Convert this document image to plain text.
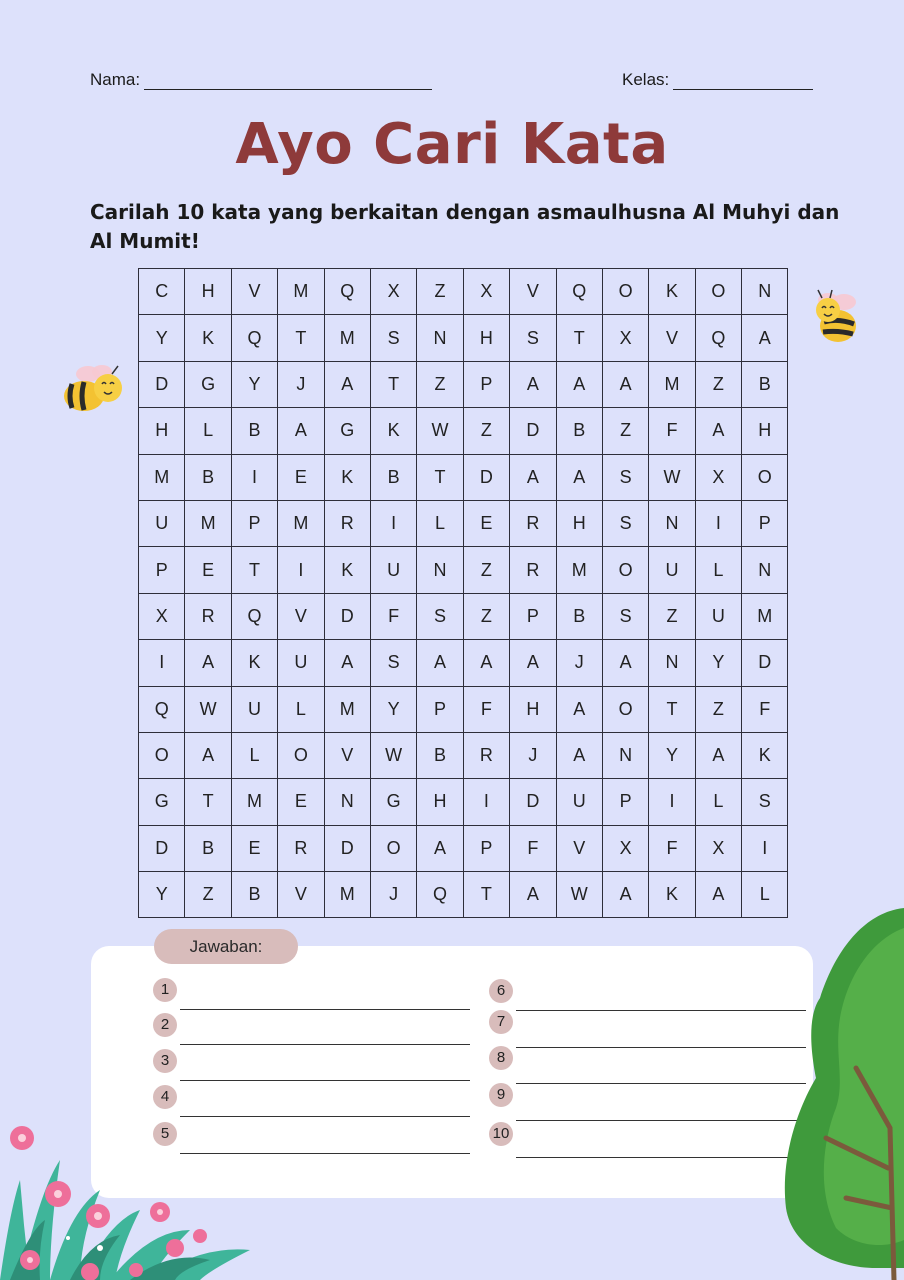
Nama:	Kelas:
Ayo Cari Kata
Carilah 10 kata yang berkaitan dengan asmaulhusna Al Muhyi dan Al Mumit!
C	H	V	M	Q	X	Z	X	V	Q	O	K	O	N
Y	K	Q	T	M	S	N	H	S	T	X	V	Q	A
D	G	Y	J	A	T	Z	P	A	A	A	M	Z	B
H	L	B	A	G	K	W	Z	D	B	Z	F	A	H
M	B	I	E	K	B	T	D	A	A	S	W	X	O
U	M	P	M	R	I	L	E	R	H	S	N	I	P
P	E	T	I	K	U	N	Z	R	M	O	U	L	N
X	R	Q	V	D	F	S	Z	P	B	S	Z	U	M
I	A	K	U	A	S	A	A	A	J	A	N	Y	D
Q	W	U	L	M	Y	P	F	H	A	O	T	Z	F
O	A	L	O	V	W	B	R	J	A	N	Y	A	K
G	T	M	E	N	G	H	I	D	U	P	I	L	S
D	B	E	R	D	O	A	P	F	V	X	F	X	I
Y	Z	B	V	M	J	Q	T	A	W	A	K	A	L
1
2
3
4
5
6
7
8
9
10
Jawaban:
